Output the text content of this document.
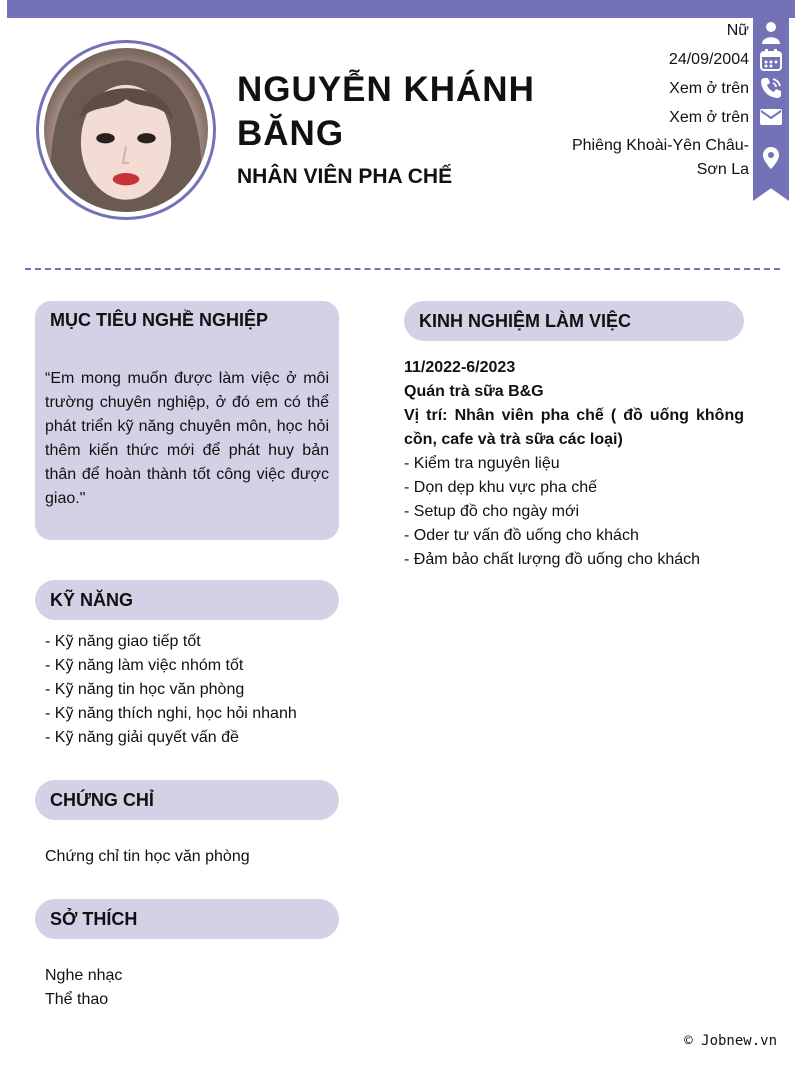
NGUYỄN KHÁNH BĂNG
NHÂN VIÊN PHA CHẾ
Nữ
24/09/2004
Xem ở trên
Xem ở trên
Phiêng Khoài-Yên Châu-Sơn La
MỤC TIÊU NGHỀ NGHIỆP
“Em mong muốn được làm việc ở môi trường chuyên nghiệp, ở đó em có thể phát triển kỹ năng chuyên môn, học hỏi thêm kiến thức mới để phát huy bản thân để hoàn thành tốt công việc được giao."
KỸ NĂNG
- Kỹ năng giao tiếp tốt
- Kỹ năng làm việc nhóm tốt
- Kỹ năng tin học văn phòng
- Kỹ năng thích nghi, học hỏi nhanh
- Kỹ năng giải quyết vấn đề
CHỨNG CHỈ
Chứng chỉ tin học văn phòng
SỞ THÍCH
Nghe nhạc
Thể thao
KINH NGHIỆM LÀM VIỆC
11/2022-6/2023
Quán trà sữa B&G
Vị trí: Nhân viên pha chế ( đồ uống không cồn, cafe và trà sữa các loại)
- Kiểm tra nguyên liệu
- Dọn dẹp khu vực pha chế
- Setup đồ cho ngày mới
- Oder tư vấn đồ uống cho khách
- Đảm bảo chất lượng đồ uống cho khách
© Jobnew.vn
